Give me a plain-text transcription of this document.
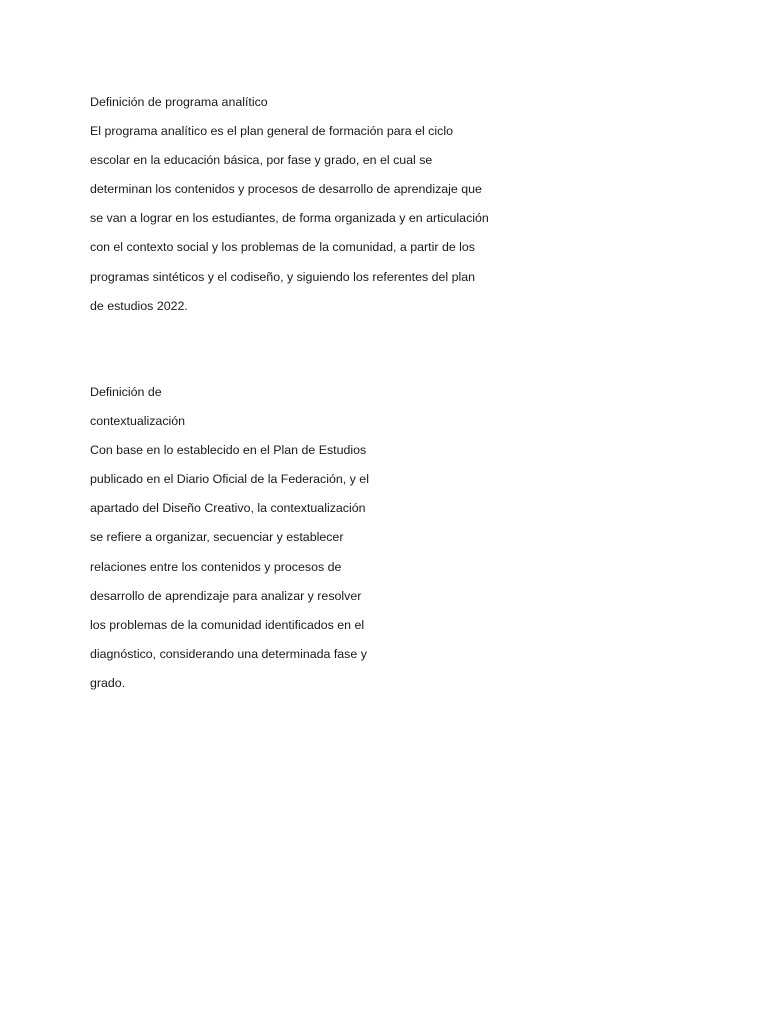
Definición de programa analítico
El programa analítico es el plan general de formación para el ciclo
escolar en la educación básica, por fase y grado, en el cual se
determinan los contenidos y procesos de desarrollo de aprendizaje que
se van a lograr en los estudiantes, de forma organizada y en articulación
con el contexto social y los problemas de la comunidad, a partir de los
programas sintéticos y el codiseño, y siguiendo los referentes del plan
de estudios 2022.
Definición de
contextualización
Con base en lo establecido en el Plan de Estudios
publicado en el Diario Oficial de la Federación, y el
apartado del Diseño Creativo, la contextualización
se refiere a organizar, secuenciar y establecer
relaciones entre los contenidos y procesos de
desarrollo de aprendizaje para analizar y resolver
los problemas de la comunidad identificados en el
diagnóstico, considerando una determinada fase y
grado.
